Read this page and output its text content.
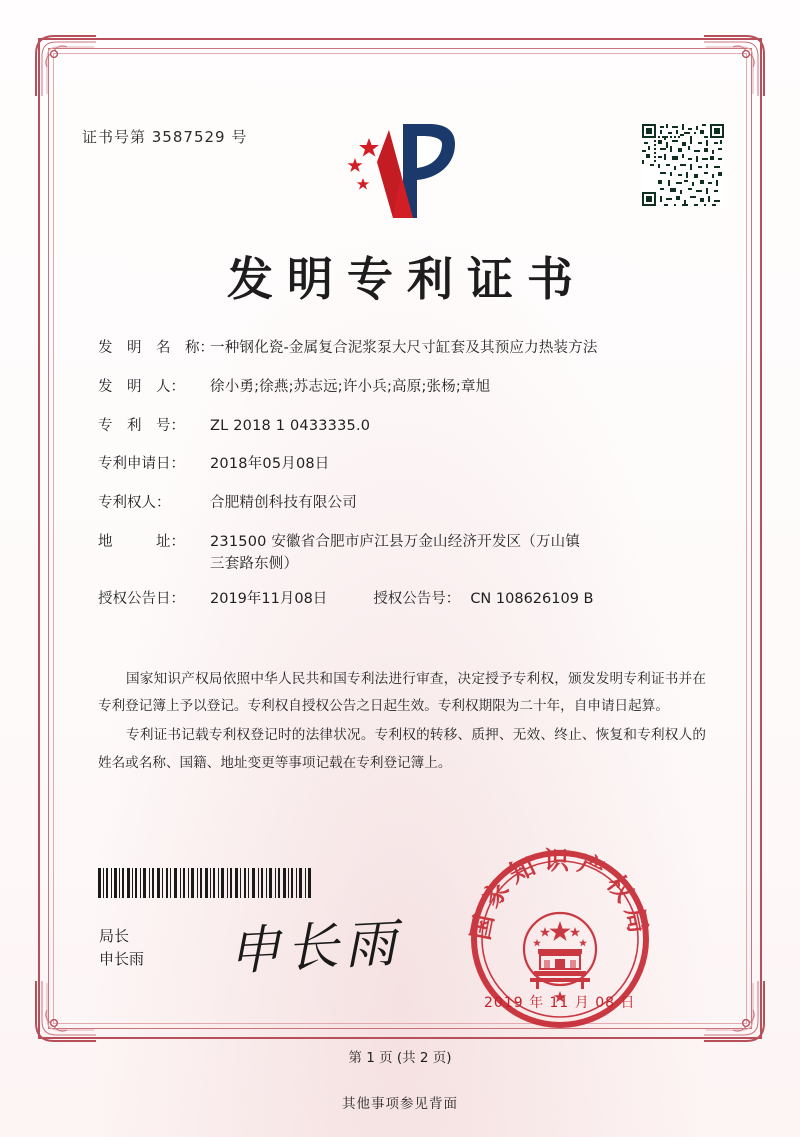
证书号第 3587529 号
发明专利证书
发　明　名　称：
一种钢化瓷-金属复合泥浆泵大尺寸缸套及其预应力热装方法
发　明　人：	徐小勇;徐燕;苏志远;许小兵;高原;张杨;章旭
专　利　号：	ZL 2018 1 0433335.0
专利申请日：	2018年05月08日
专利权人：	合肥精创科技有限公司
地　　　址：	231500 安徽省合肥市庐江县万金山经济开发区（万山镇
三套路东侧）
授权公告日：	2019年11月08日	授权公告号： CN 108626109 B

国家知识产权局依照中华人民共和国专利法进行审查，决定授予专利权，颁发发明专利证书并在专利登记簿上予以登记。专利权自授权公告之日起生效。专利权期限为二十年，自申请日起算。

专利证书记载专利权登记时的法律状况。专利权的转移、质押、无效、终止、恢复和专利权人的姓名或名称、国籍、地址变更等事项记载在专利登记簿上。

局长
申长雨 申长雨 国家知识产权局
2019 年 11 月 08 日
第 1 页 (共 2 页)
其他事项参见背面
